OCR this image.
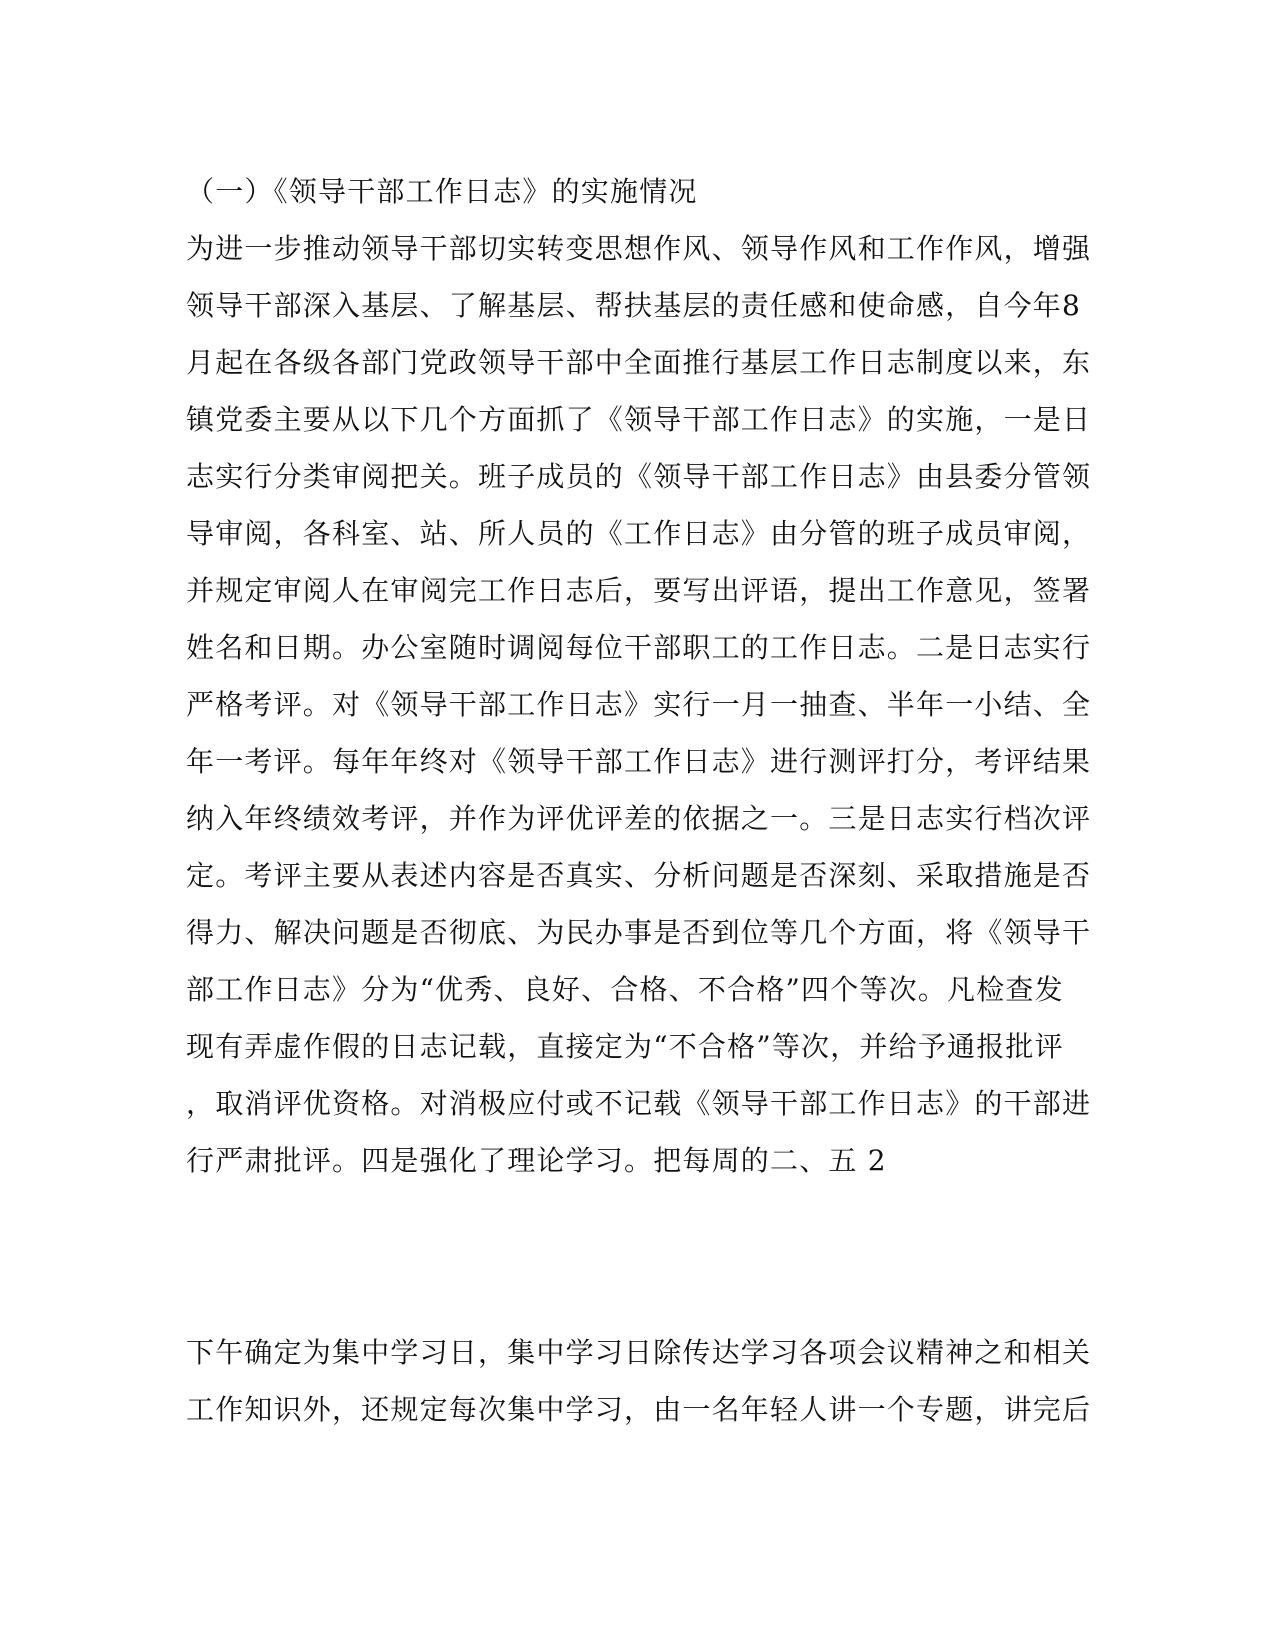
（一）《领导干部工作日志》的实施情况
为进一步推动领导干部切实转变思想作风、领导作风和工作作风，增强
领导干部深入基层、了解基层、帮扶基层的责任感和使命感，自今年8
月起在各级各部门党政领导干部中全面推行基层工作日志制度以来，东
镇党委主要从以下几个方面抓了《领导干部工作日志》的实施，一是日
志实行分类审阅把关。班子成员的《领导干部工作日志》由县委分管领
导审阅，各科室、站、所人员的《工作日志》由分管的班子成员审阅，
并规定审阅人在审阅完工作日志后，要写出评语，提出工作意见，签署
姓名和日期。办公室随时调阅每位干部职工的工作日志。二是日志实行
严格考评。对《领导干部工作日志》实行一月一抽查、半年一小结、全
年一考评。每年年终对《领导干部工作日志》进行测评打分，考评结果
纳入年终绩效考评，并作为评优评差的依据之一。三是日志实行档次评
定。考评主要从表述内容是否真实、分析问题是否深刻、采取措施是否
得力、解决问题是否彻底、为民办事是否到位等几个方面，将《领导干
部工作日志》分为“优秀、良好、合格、不合格”四个等次。凡检查发
现有弄虚作假的日志记载，直接定为“不合格”等次，并给予通报批评
，取消评优资格。对消极应付或不记载《领导干部工作日志》的干部进
行严肃批评。四是强化了理论学习。把每周的二、五 2
下午确定为集中学习日，集中学习日除传达学习各项会议精神之和相关
工作知识外，还规定每次集中学习，由一名年轻人讲一个专题，讲完后
